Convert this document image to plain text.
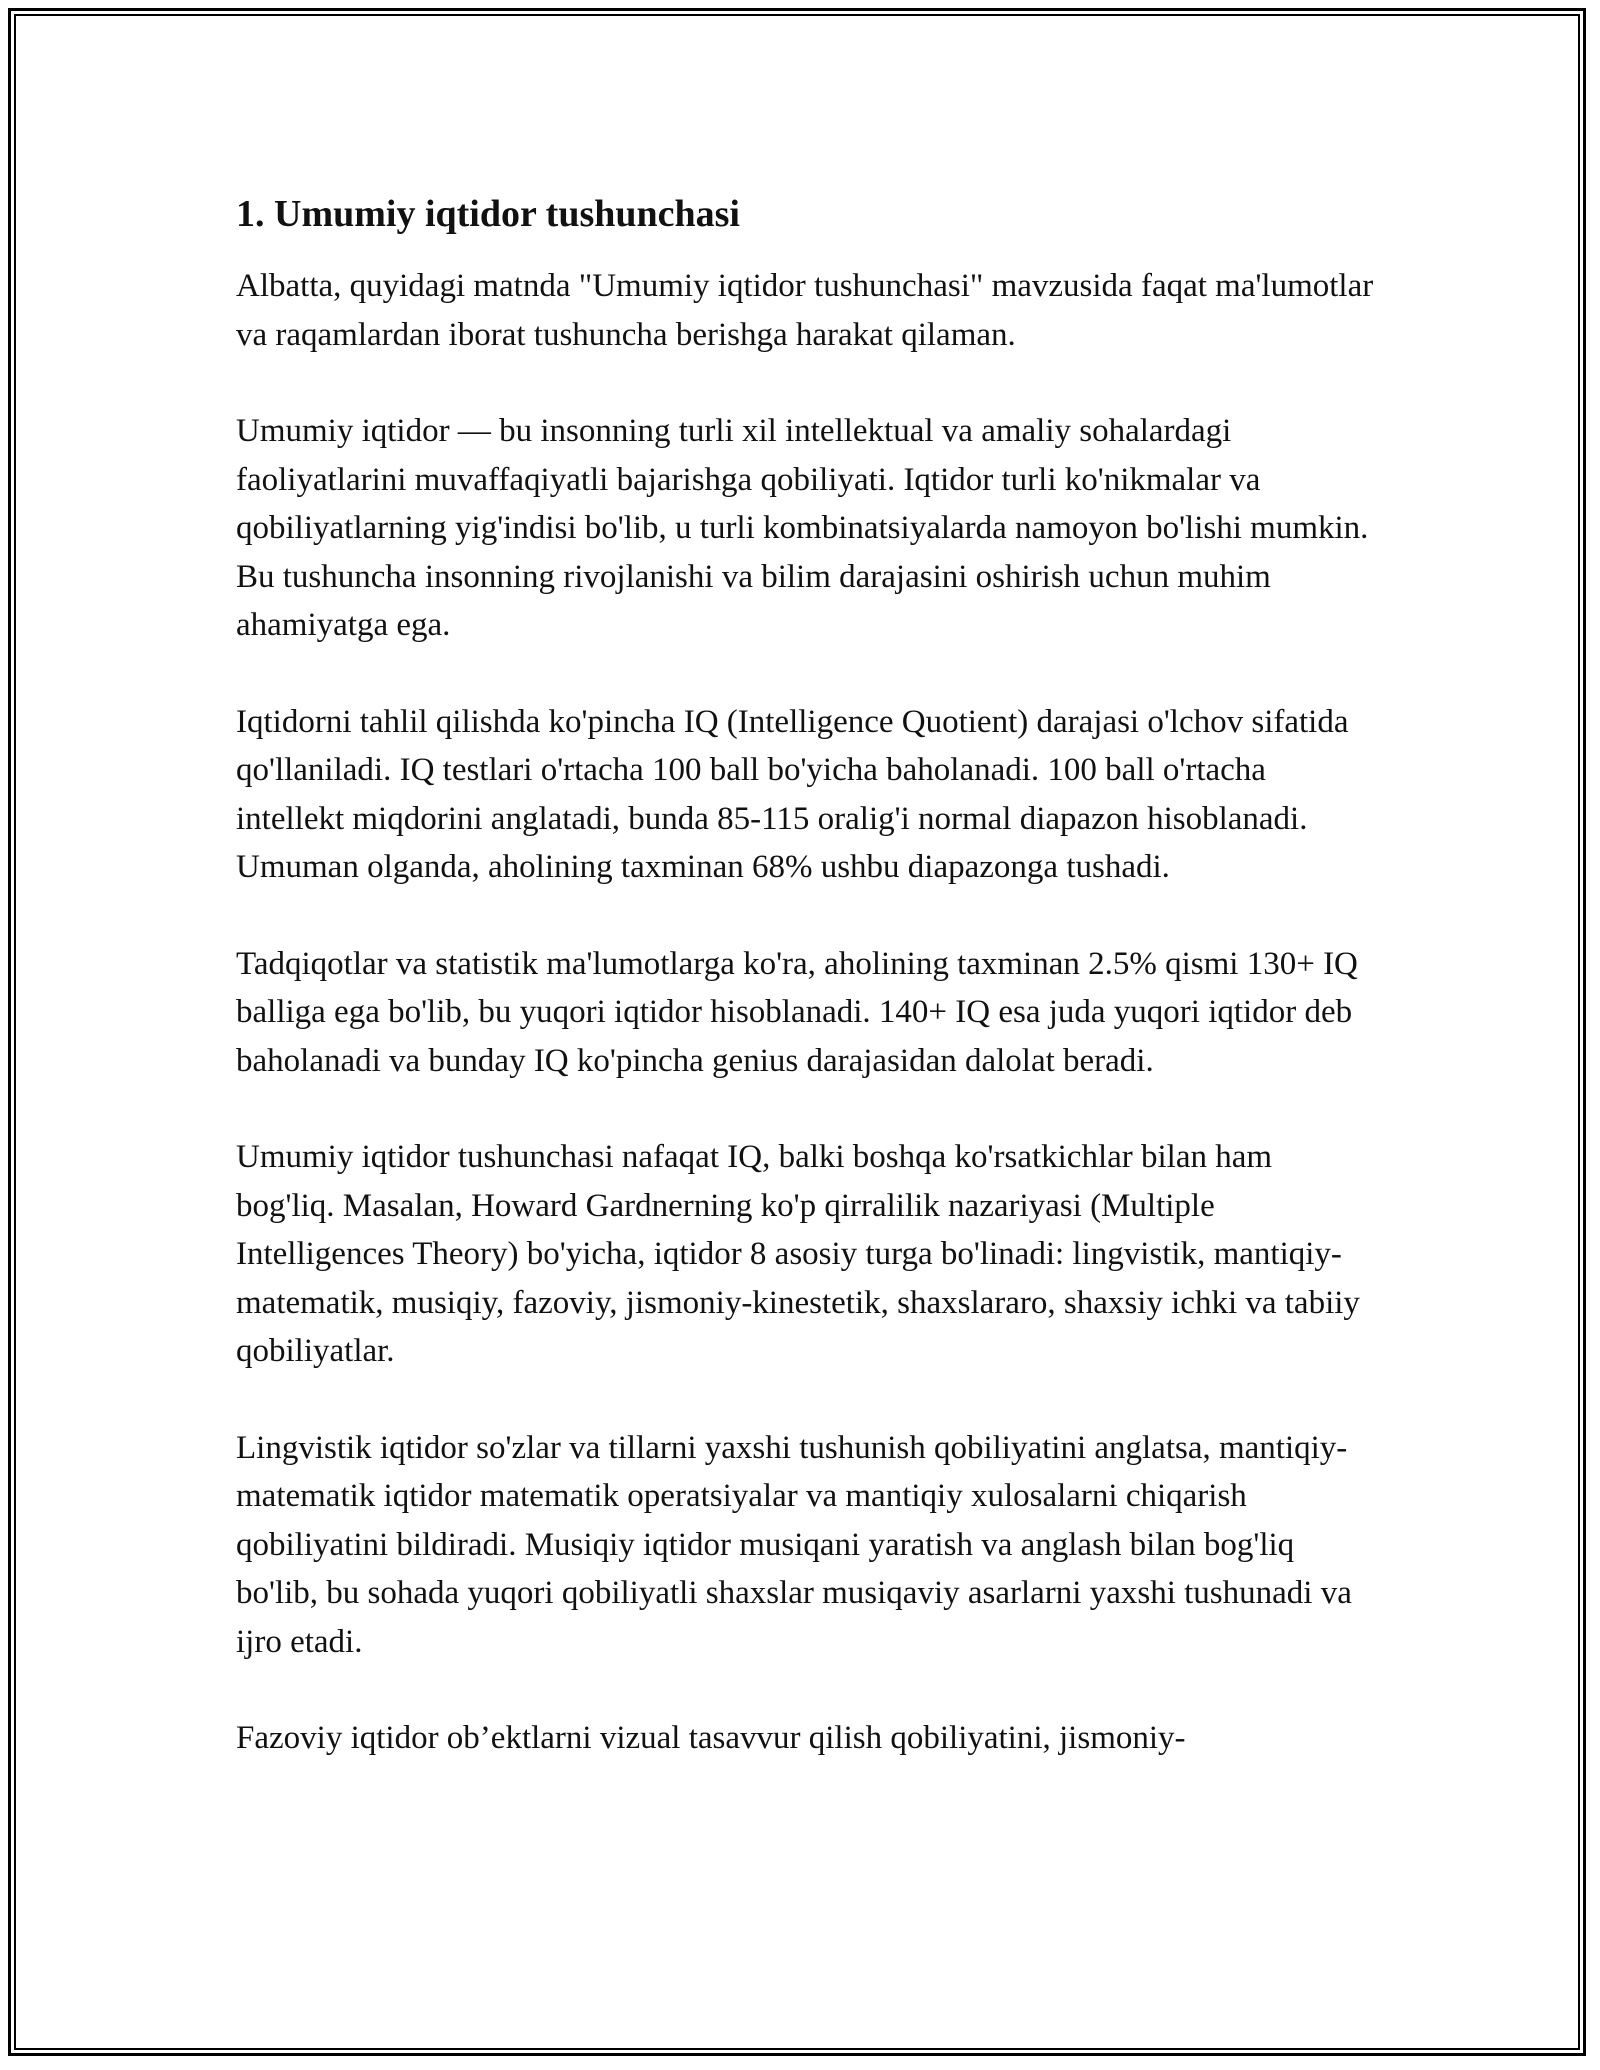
1. Umumiy iqtidor tushunchasi

Albatta, quyidagi matnda "Umumiy iqtidor tushunchasi" mavzusida faqat ma'lumotlar va raqamlardan iborat tushuncha berishga harakat qilaman.

Umumiy iqtidor — bu insonning turli xil intellektual va amaliy sohalardagi faoliyatlarini muvaffaqiyatli bajarishga qobiliyati. Iqtidor turli ko'nikmalar va qobiliyatlarning yig'indisi bo'lib, u turli kombinatsiyalarda namoyon bo'lishi mumkin. Bu tushuncha insonning rivojlanishi va bilim darajasini oshirish uchun muhim ahamiyatga ega.

Iqtidorni tahlil qilishda ko'pincha IQ (Intelligence Quotient) darajasi o'lchov sifatida qo'llaniladi. IQ testlari o'rtacha 100 ball bo'yicha baholanadi. 100 ball o'rtacha intellekt miqdorini anglatadi, bunda 85-115 oralig'i normal diapazon hisoblanadi. Umuman olganda, aholining taxminan 68% ushbu diapazonga tushadi.

Tadqiqotlar va statistik ma'lumotlarga ko'ra, aholining taxminan 2.5% qismi 130+ IQ balliga ega bo'lib, bu yuqori iqtidor hisoblanadi. 140+ IQ esa juda yuqori iqtidor deb baholanadi va bunday IQ ko'pincha genius darajasidan dalolat beradi.

Umumiy iqtidor tushunchasi nafaqat IQ, balki boshqa ko'rsatkichlar bilan ham bog'liq. Masalan, Howard Gardnerning ko'p qirralilik nazariyasi (Multiple Intelligences Theory) bo'yicha, iqtidor 8 asosiy turga bo'linadi: lingvistik, mantiqiy-matematik, musiqiy, fazoviy, jismoniy-kinestetik, shaxslararo, shaxsiy ichki va tabiiy qobiliyatlar.

Lingvistik iqtidor so'zlar va tillarni yaxshi tushunish qobiliyatini anglatsa, mantiqiy-matematik iqtidor matematik operatsiyalar va mantiqiy xulosalarni chiqarish qobiliyatini bildiradi. Musiqiy iqtidor musiqani yaratish va anglash bilan bog'liq bo'lib, bu sohada yuqori qobiliyatli shaxslar musiqaviy asarlarni yaxshi tushunadi va ijro etadi.

Fazoviy iqtidor ob’ektlarni vizual tasavvur qilish qobiliyatini, jismoniy-
